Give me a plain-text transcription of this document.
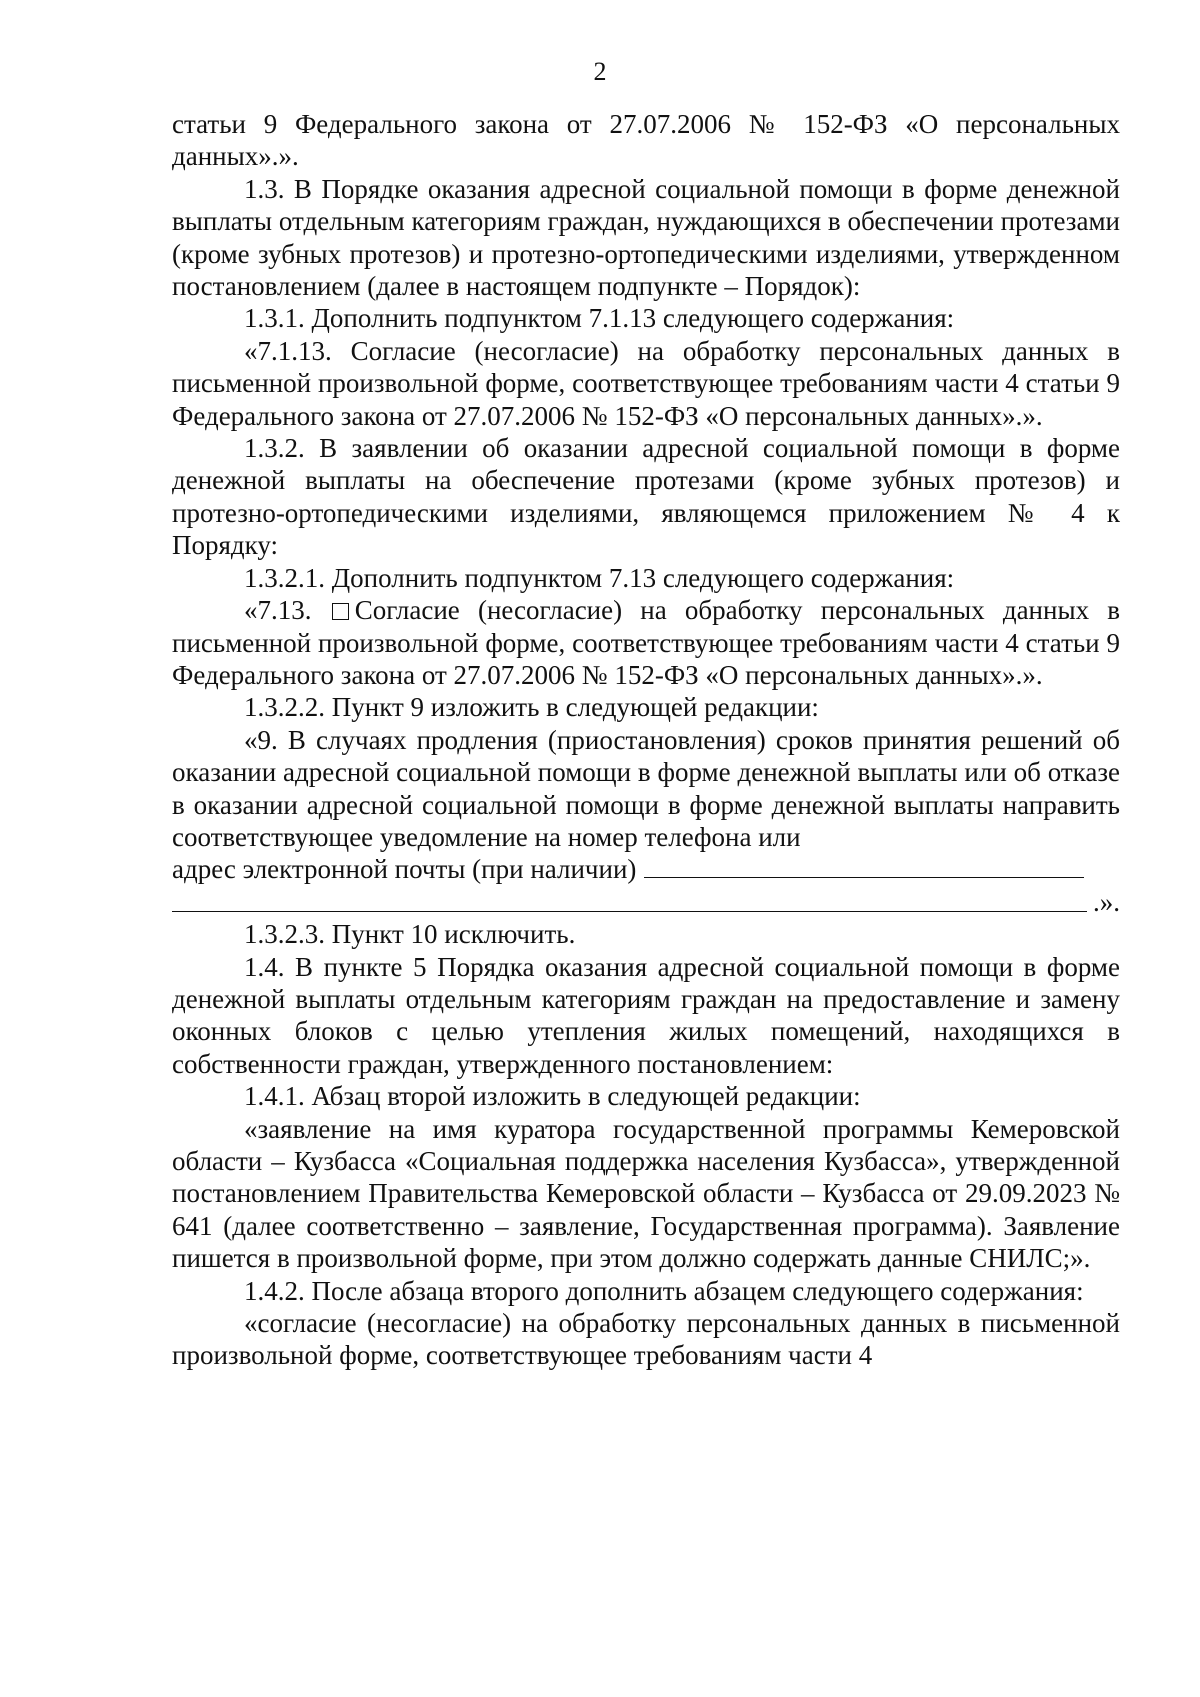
2

статьи 9 Федерального закона от 27.07.2006 № 152-ФЗ «О персональных данных».».

1.3. В Порядке оказания адресной социальной помощи в форме денежной выплаты отдельным категориям граждан, нуждающихся в обеспечении протезами (кроме зубных протезов) и протезно-ортопедическими изделиями, утвержденном постановлением (далее в настоящем подпункте – Порядок):

1.3.1. Дополнить подпунктом 7.1.13 следующего содержания:

«7.1.13. Согласие (несогласие) на обработку персональных данных в письменной произвольной форме, соответствующее требованиям части 4 статьи 9 Федерального закона от 27.07.2006 № 152-ФЗ «О персональных данных».».

1.3.2. В заявлении об оказании адресной социальной помощи в форме денежной выплаты на обеспечение протезами (кроме зубных протезов) и протезно-ортопедическими изделиями, являющемся приложением № 4 к Порядку:

1.3.2.1. Дополнить подпунктом 7.13 следующего содержания:

«7.13. Согласие (несогласие) на обработку персональных данных в письменной произвольной форме, соответствующее требованиям части 4 статьи 9 Федерального закона от 27.07.2006 № 152-ФЗ «О персональных данных».».

1.3.2.2. Пункт 9 изложить в следующей редакции:

«9. В случаях продления (приостановления) сроков принятия решений об оказании адресной социальной помощи в форме денежной выплаты или об отказе в оказании адресной социальной помощи в форме денежной выплаты направить соответствующее уведомление на номер телефона или

адрес электронной почты (при наличии)

.».

1.3.2.3. Пункт 10 исключить.

1.4. В пункте 5 Порядка оказания адресной социальной помощи в форме денежной выплаты отдельным категориям граждан на предоставление и замену оконных блоков с целью утепления жилых помещений, находящихся в собственности граждан, утвержденного постановлением:

1.4.1. Абзац второй изложить в следующей редакции:

«заявление на имя куратора государственной программы Кемеровской области – Кузбасса «Социальная поддержка населения Кузбасса», утвержденной постановлением Правительства Кемеровской области – Кузбасса от 29.09.2023 № 641 (далее соответственно – заявление, Государственная программа). Заявление пишется в произвольной форме, при этом должно содержать данные СНИЛС;».

1.4.2. После абзаца второго дополнить абзацем следующего содержания:

«согласие (несогласие) на обработку персональных данных в письменной произвольной форме, соответствующее требованиям части 4
